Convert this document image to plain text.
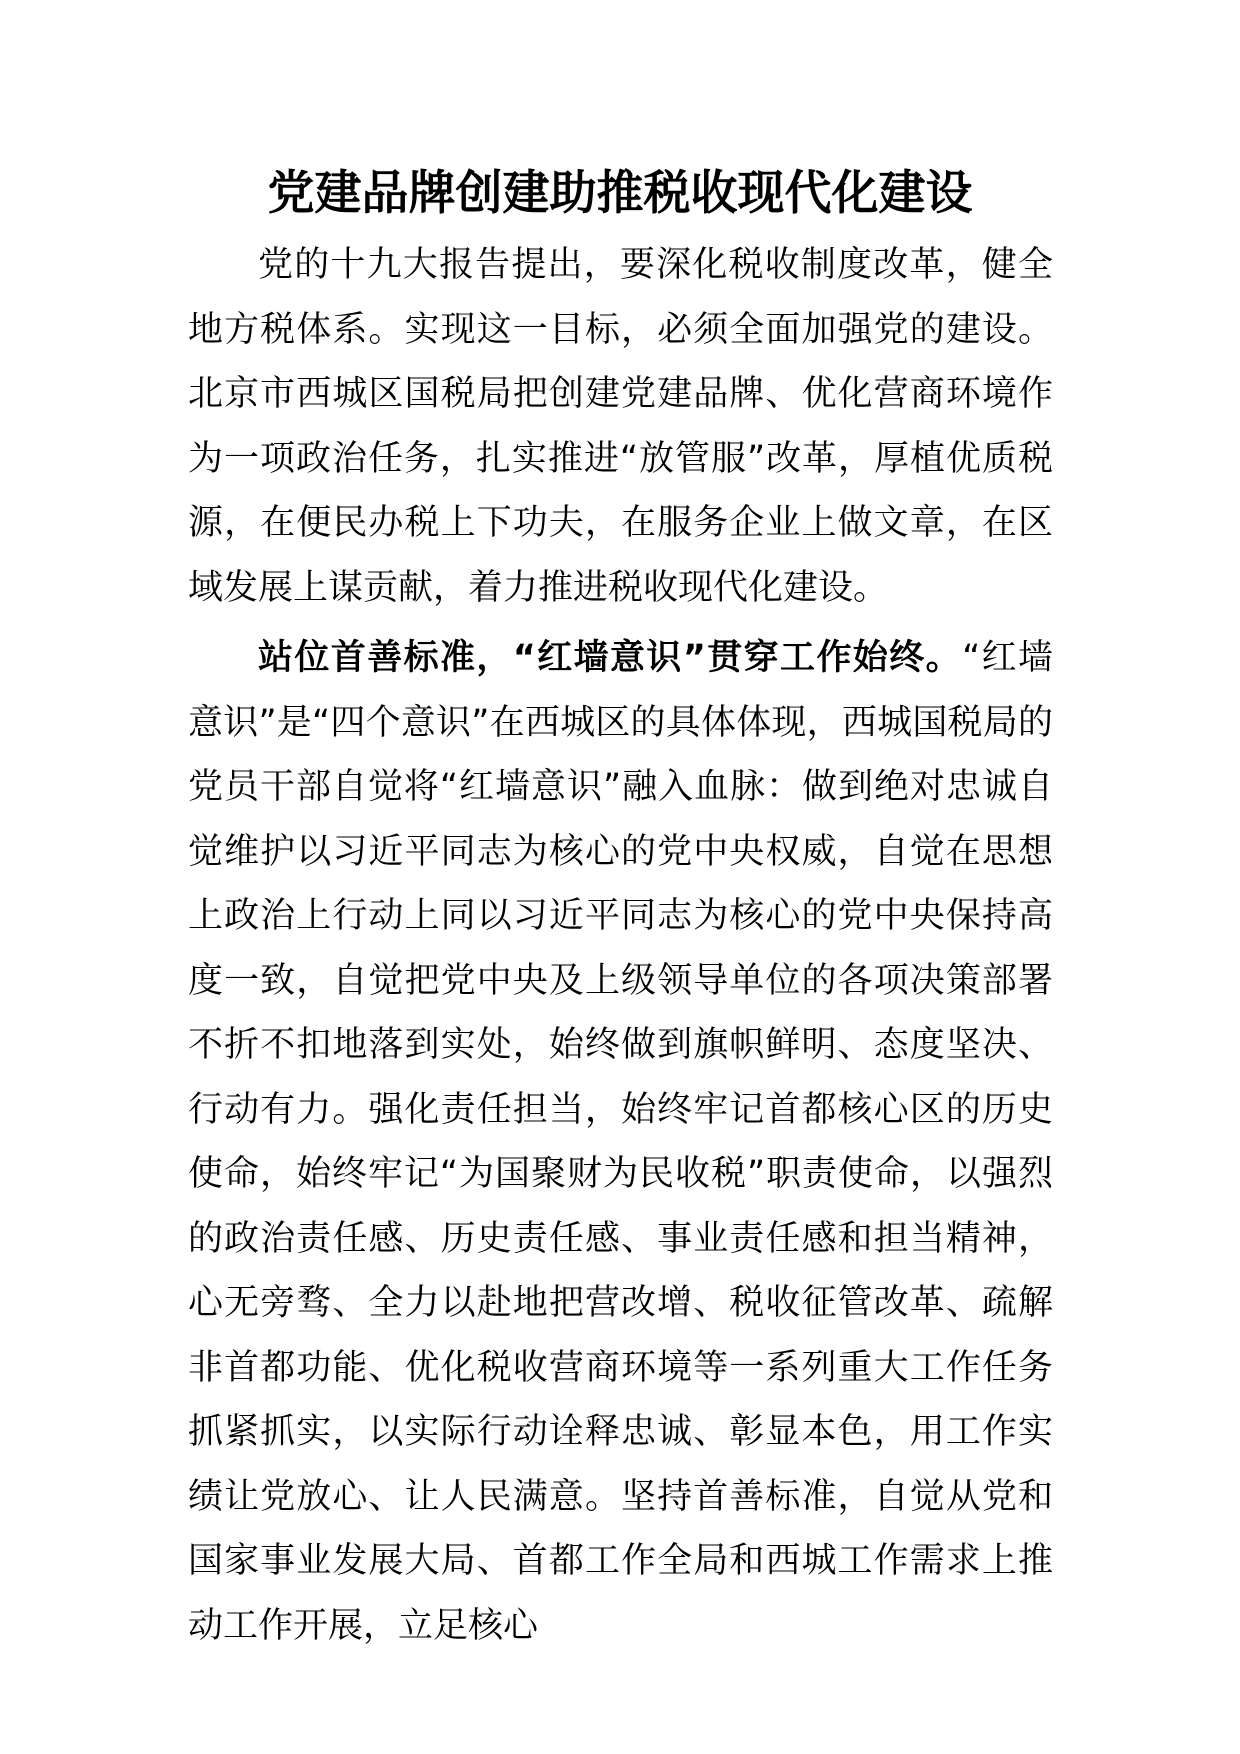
党建品牌创建助推税收现代化建设

党的十九大报告提出，要深化税收制度改革，健全地方税体系。实现这一目标，必须全面加强党的建设。北京市西城区国税局把创建党建品牌、优化营商环境作为一项政治任务，扎实推进“放管服”改革，厚植优质税源，在便民办税上下功夫，在服务企业上做文章，在区域发展上谋贡献，着力推进税收现代化建设。

站位首善标准，“红墙意识”贯穿工作始终。“红墙意识”是“四个意识”在西城区的具体体现，西城国税局的党员干部自觉将“红墙意识”融入血脉：做到绝对忠诚自觉维护以习近平同志为核心的党中央权威，自觉在思想上政治上行动上同以习近平同志为核心的党中央保持高度一致，自觉把党中央及上级领导单位的各项决策部署不折不扣地落到实处，始终做到旗帜鲜明、态度坚决、行动有力。强化责任担当，始终牢记首都核心区的历史使命，始终牢记“为国聚财为民收税”职责使命，以强烈的政治责任感、历史责任感、事业责任感和担当精神，心无旁骛、全力以赴地把营改增、税收征管改革、疏解非首都功能、优化税收营商环境等一系列重大工作任务抓紧抓实，以实际行动诠释忠诚、彰显本色，用工作实绩让党放心、让人民满意。坚持首善标准，自觉从党和国家事业发展大局、首都工作全局和西城工作需求上推动工作开展，立足核心
